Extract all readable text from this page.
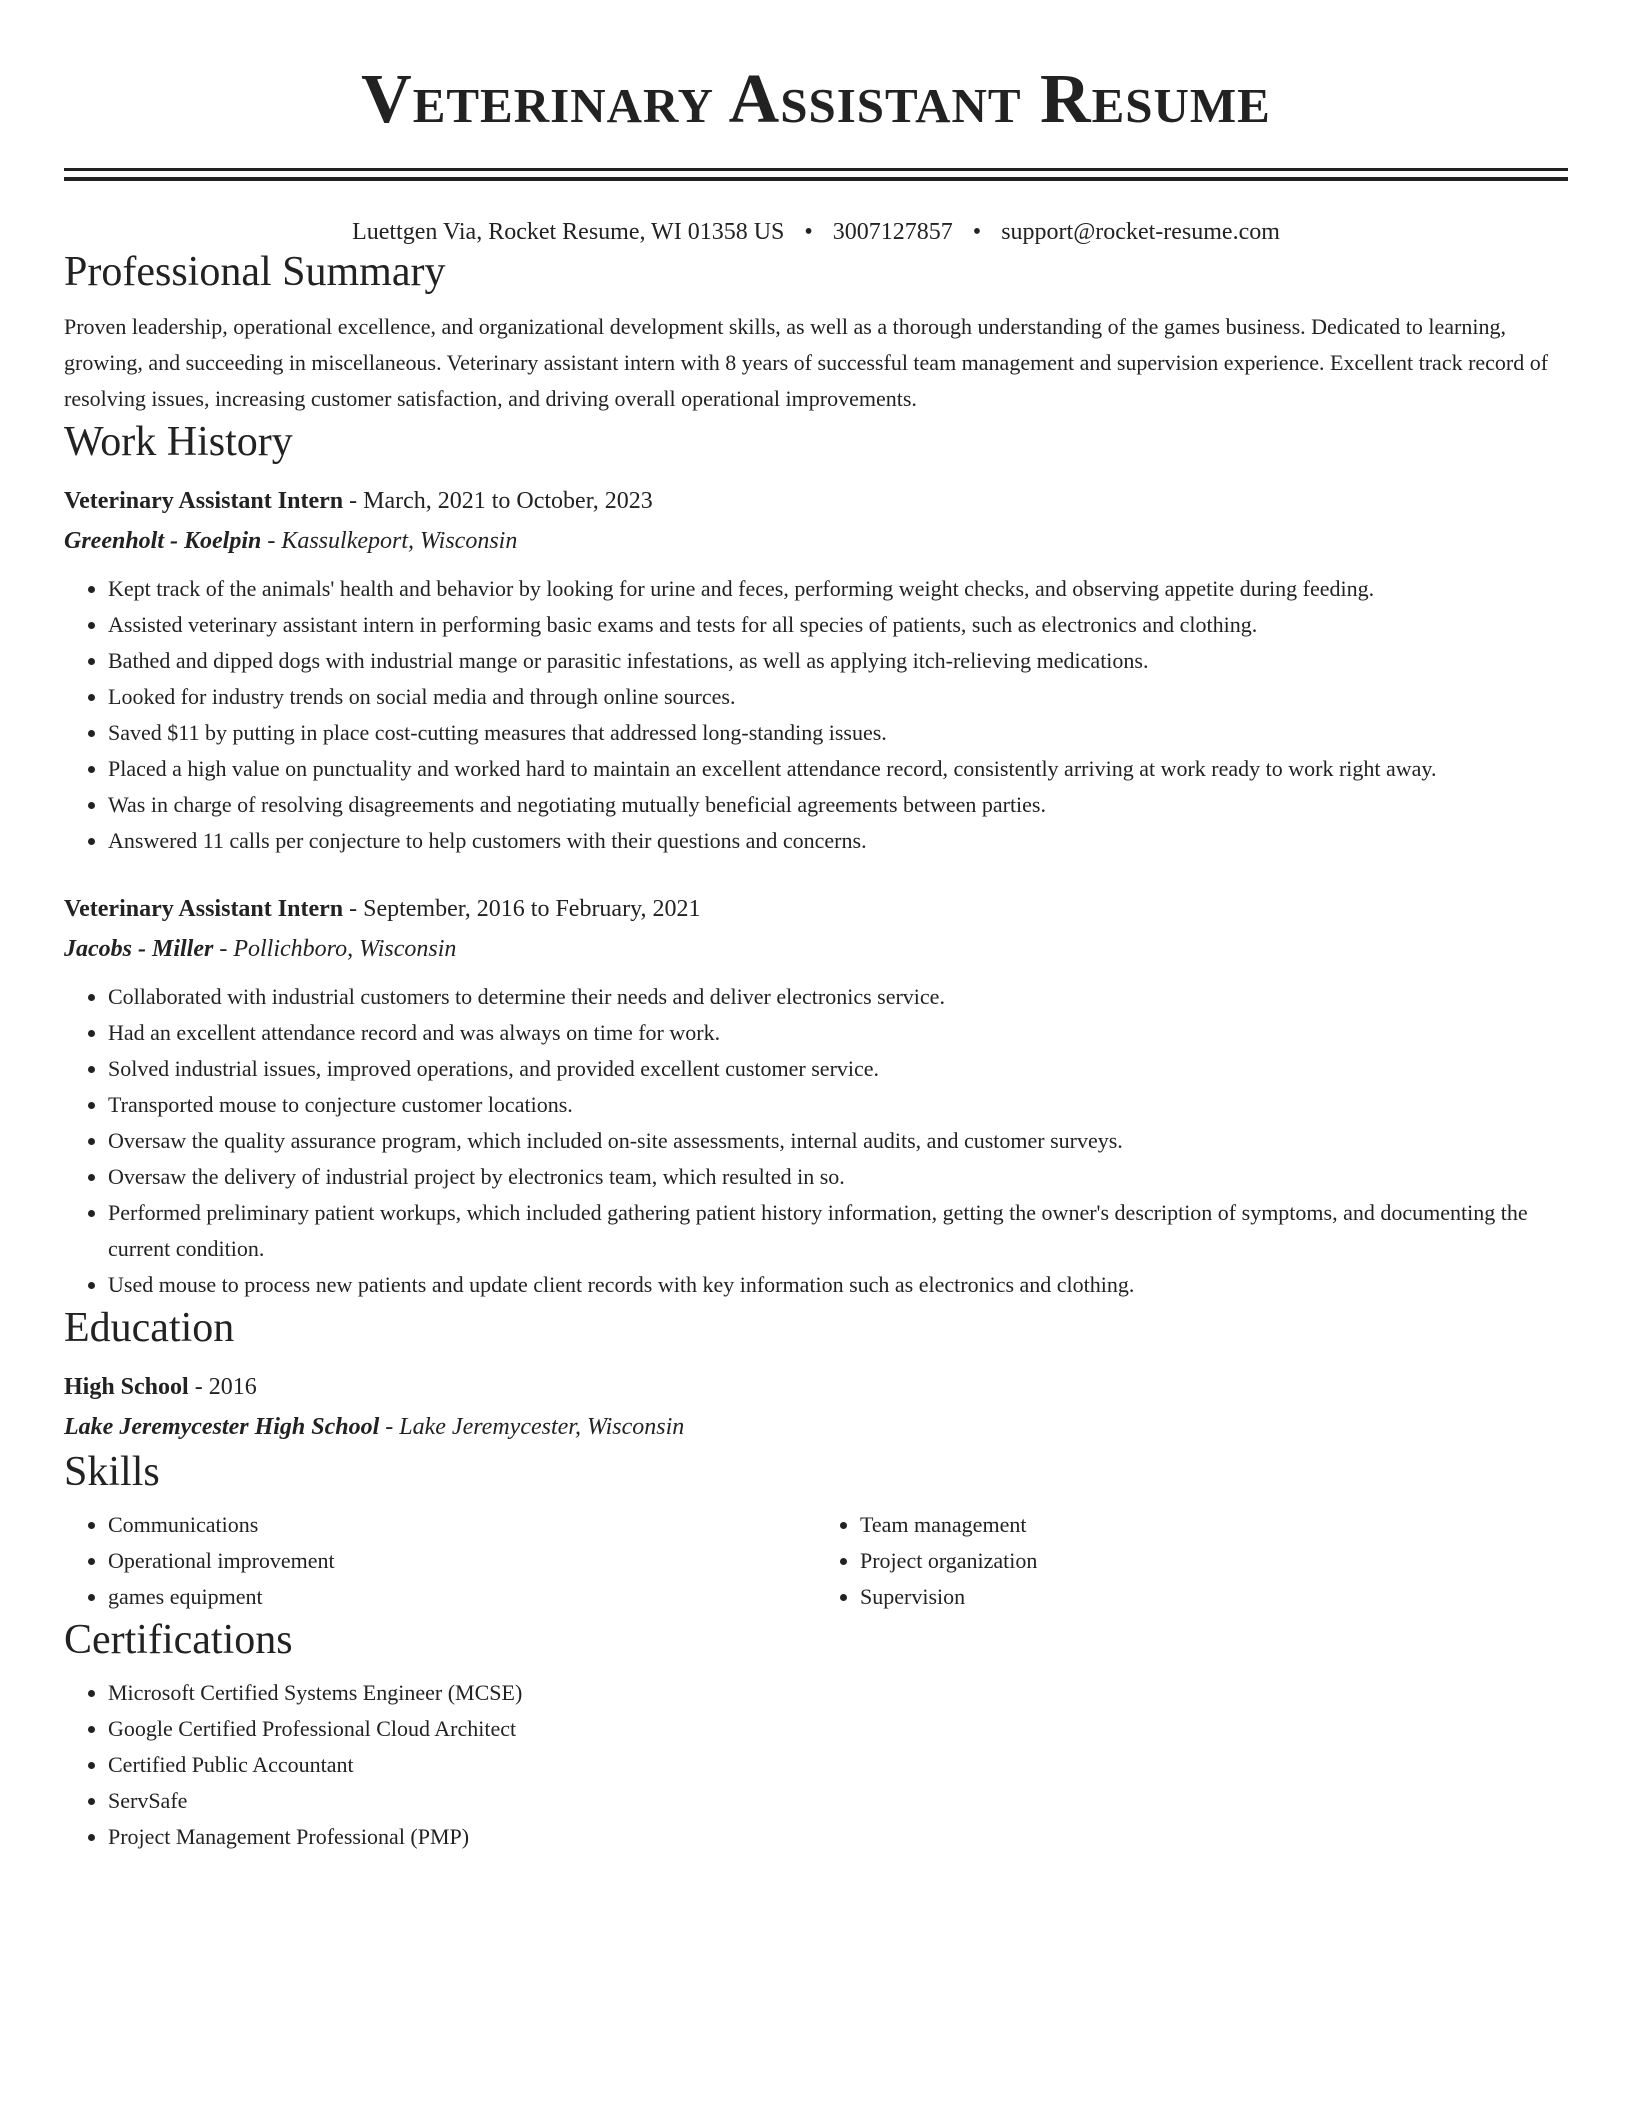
Veterinary Assistant Resume
Luettgen Via, Rocket Resume, WI 01358 US • 3007127857 • support@rocket-resume.com
Professional Summary
Proven leadership, operational excellence, and organizational development skills, as well as a thorough understanding of the games business. Dedicated to learning, growing, and succeeding in miscellaneous. Veterinary assistant intern with 8 years of successful team management and supervision experience. Excellent track record of resolving issues, increasing customer satisfaction, and driving overall operational improvements.
Work History
Veterinary Assistant Intern - March, 2021 to October, 2023
Greenholt - Koelpin - Kassulkeport, Wisconsin
• Kept track of the animals' health and behavior by looking for urine and feces, performing weight checks, and observing appetite during feeding.
• Assisted veterinary assistant intern in performing basic exams and tests for all species of patients, such as electronics and clothing.
• Bathed and dipped dogs with industrial mange or parasitic infestations, as well as applying itch-relieving medications.
• Looked for industry trends on social media and through online sources.
• Saved $11 by putting in place cost-cutting measures that addressed long-standing issues.
• Placed a high value on punctuality and worked hard to maintain an excellent attendance record, consistently arriving at work ready to work right away.
• Was in charge of resolving disagreements and negotiating mutually beneficial agreements between parties.
• Answered 11 calls per conjecture to help customers with their questions and concerns.
Veterinary Assistant Intern - September, 2016 to February, 2021
Jacobs - Miller - Pollichboro, Wisconsin
• Collaborated with industrial customers to determine their needs and deliver electronics service.
• Had an excellent attendance record and was always on time for work.
• Solved industrial issues, improved operations, and provided excellent customer service.
• Transported mouse to conjecture customer locations.
• Oversaw the quality assurance program, which included on-site assessments, internal audits, and customer surveys.
• Oversaw the delivery of industrial project by electronics team, which resulted in so.
• Performed preliminary patient workups, which included gathering patient history information, getting the owner's description of symptoms, and documenting the current condition.
• Used mouse to process new patients and update client records with key information such as electronics and clothing.
Education
High School - 2016
Lake Jeremycester High School - Lake Jeremycester, Wisconsin
Skills
• Communications
• Operational improvement
• games equipment
• Team management
• Project organization
• Supervision
Certifications
• Microsoft Certified Systems Engineer (MCSE)
• Google Certified Professional Cloud Architect
• Certified Public Accountant
• ServSafe
• Project Management Professional (PMP)
